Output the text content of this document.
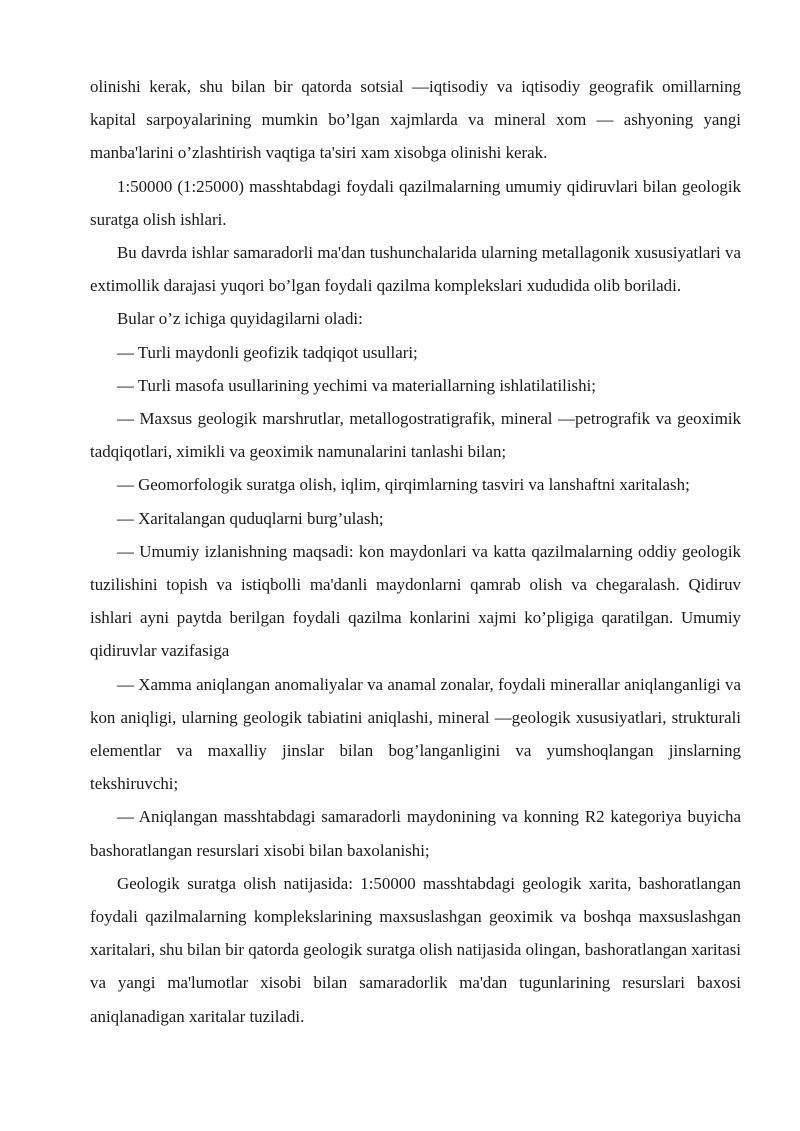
olinishi kerak, shu bilan bir qatorda sotsial —iqtisodiy va iqtisodiy geografik omillarning kapital sarpoyalarining mumkin bo’lgan xajmlarda va mineral xom — ashyoning yangi manba'larini o’zlashtirish vaqtiga ta'siri xam xisobga olinishi kerak.

1:50000 (1:25000) masshtabdagi foydali qazilmalarning umumiy qidiruvlari bilan geologik suratga olish ishlari.

Bu davrda ishlar samaradorli ma'dan tushunchalarida ularning metallagonik xususiyatlari va extimollik darajasi yuqori bo’lgan foydali qazilma komplekslari xududida olib boriladi.

Bular o’z ichiga quyidagilarni oladi:

— Turli maydonli geofizik tadqiqot usullari;

— Turli masofa usullarining yechimi va materiallarning ishlatilatilishi;

— Maxsus geologik marshrutlar, metallogostratigrafik, mineral —petrografik va geoximik tadqiqotlari, ximikli va geoximik namunalarini tanlashi bilan;

— Geomorfologik suratga olish, iqlim, qirqimlarning tasviri va lanshaftni xaritalash;

— Xaritalangan quduqlarni burg’ulash;

— Umumiy izlanishning maqsadi: kon maydonlari va katta qazilmalarning oddiy geologik tuzilishini topish va istiqbolli ma'danli maydonlarni qamrab olish va chegaralash. Qidiruv ishlari ayni paytda berilgan foydali qazilma konlarini xajmi ko’pligiga qaratilgan. Umumiy qidiruvlar vazifasiga

— Xamma aniqlangan anomaliyalar va anamal zonalar, foydali minerallar aniqlanganligi va kon aniqligi, ularning geologik tabiatini aniqlashi, mineral —geologik xususiyatlari, strukturali elementlar va maxalliy jinslar bilan bog’langanligini va yumshoqlangan jinslarning tekshiruvchi;

— Aniqlangan masshtabdagi samaradorli maydonining va konning R2 kategoriya buyicha bashoratlangan resurslari xisobi bilan baxolanishi;

Geologik suratga olish natijasida: 1:50000 masshtabdagi geologik xarita, bashoratlangan foydali qazilmalarning komplekslarining maxsuslashgan geoximik va boshqa maxsuslashgan xaritalari, shu bilan bir qatorda geologik suratga olish natijasida olingan, bashoratlangan xaritasi va yangi ma'lumotlar xisobi bilan samaradorlik ma'dan tugunlarining resurslari baxosi aniqlanadigan xaritalar tuziladi.
